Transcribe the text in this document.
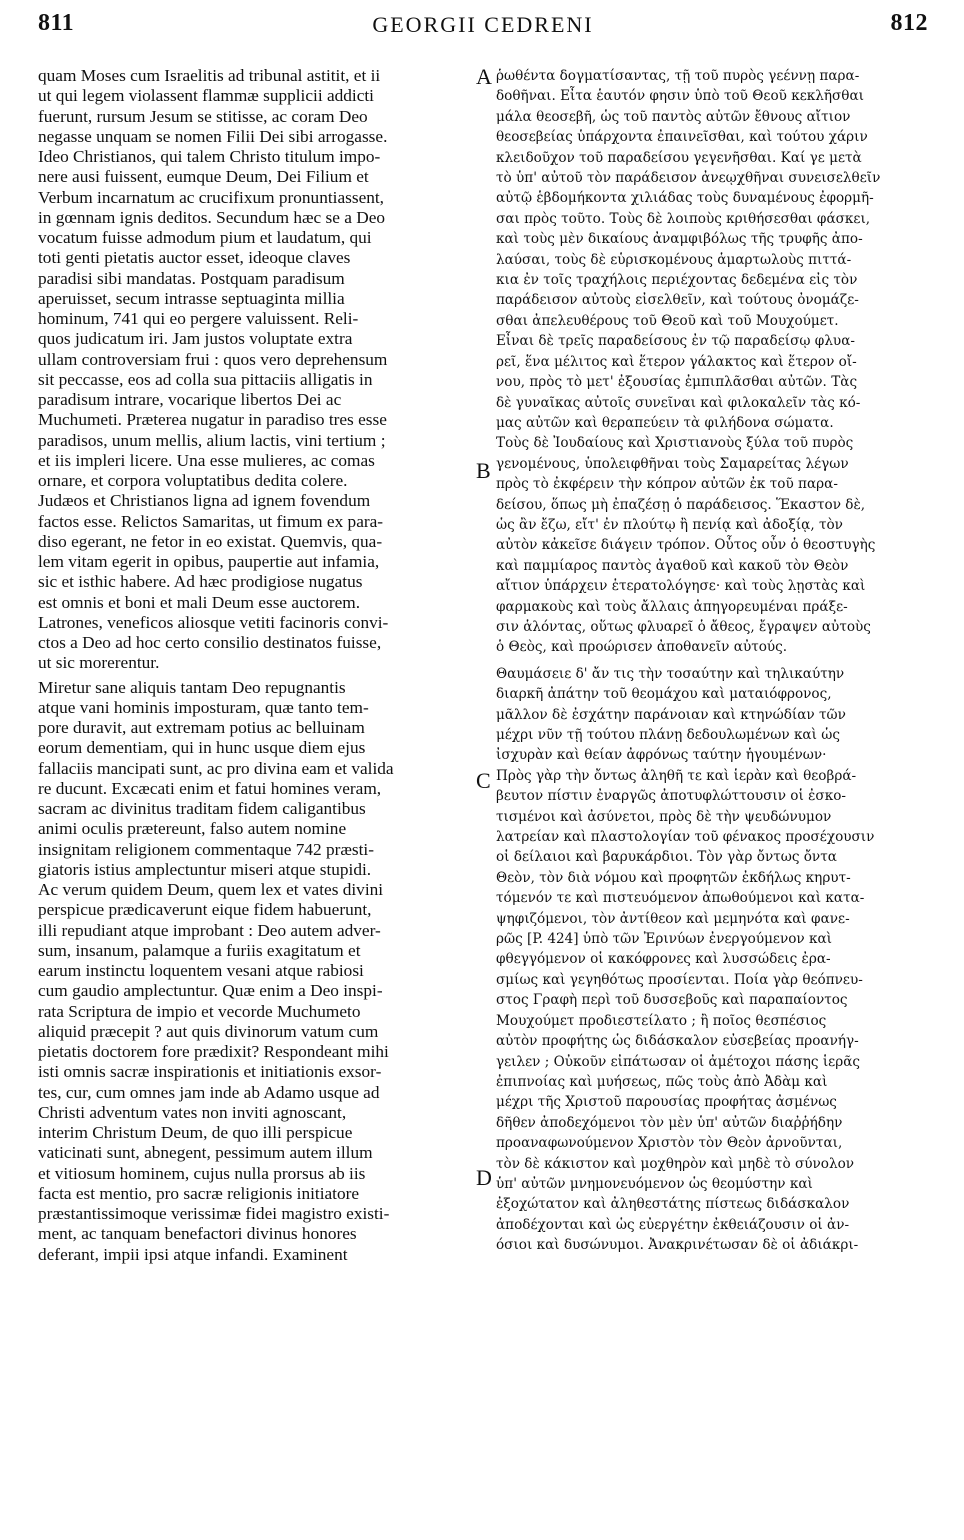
811	GEORGII CEDRENI	812

quam Moses cum Israelitis ad tribunal astitit, et ii
ut qui legem violassent flammæ supplicii addicti
fuerunt, rursum Jesum se stitisse, ac coram Deo
negasse unquam se nomen Filii Dei sibi arrogasse.
Ideo Christianos, qui talem Christo titulum impo-
nere ausi fuissent, eumque Deum, Dei Filium et
Verbum incarnatum ac crucifixum pronuntiassent,
in gœnnam ignis deditos. Secundum hæc se a Deo
vocatum fuisse admodum pium et laudatum, qui
toti genti pietatis auctor esset, ideoque claves
paradisi sibi mandatas. Postquam paradisum
aperuisset, secum intrasse septuaginta millia
hominum, 741 qui eo pergere valuissent. Reli-
quos judicatum iri. Jam justos voluptate extra
ullam controversiam frui : quos vero deprehensum
sit peccasse, eos ad colla sua pittaciis alligatis in
paradisum intrare, vocarique libertos Dei ac
Muchumeti. Præterea nugatur in paradiso tres esse
paradisos, unum mellis, alium lactis, vini tertium ;
et iis impleri licere. Una esse mulieres, ac comas
ornare, et corpora voluptatibus dedita colere.
Judæos et Christianos ligna ad ignem fovendum
factos esse. Relictos Samaritas, ut fimum ex para-
diso egerant, ne fetor in eo existat. Quemvis, qua-
lem vitam egerit in opibus, paupertie aut infamia,
sic et isthic habere. Ad hæc prodigiose nugatus
est omnis et boni et mali Deum esse auctorem.
Latrones, veneficos aliosque vetiti facinoris convi-
ctos a Deo ad hoc certo consilio destinatos fuisse,
ut sic morerentur.

Miretur sane aliquis tantam Deo repugnantis
atque vani hominis imposturam, quæ tanto tem-
pore duravit, aut extremam potius ac belluinam
eorum dementiam, qui in hunc usque diem ejus
fallaciis mancipati sunt, ac pro divina eam et valida
re ducunt. Excæcati enim et fatui homines veram,
sacram ac divinitus traditam fidem caligantibus
animi oculis prætereunt, falso autem nomine
insignitam religionem commentaque 742 præsti-
giatoris istius amplectuntur miseri atque stupidi.
Ac verum quidem Deum, quem lex et vates divini
perspicue prædicaverunt eique fidem habuerunt,
illi repudiant atque improbant : Deo autem adver-
sum, insanum, palamque a furiis exagitatum et
earum instinctu loquentem vesani atque rabiosi
cum gaudio amplectuntur. Quæ enim a Deo inspi-
rata Scriptura de impio et vecorde Muchumeto
aliquid præcepit ? aut quis divinorum vatum cum
pietatis doctorem fore prædixit? Respondeant mihi
isti omnis sacræ inspirationis et initiationis exsor-
tes, cur, cum omnes jam inde ab Adamo usque ad
Christi adventum vates non inviti agnoscant,
interim Christum Deum, de quo illi perspicue
vaticinati sunt, abnegent, pessimum autem illum
et vitiosum hominem, cujus nulla prorsus ab iis
facta est mentio, pro sacræ religionis initiatore
præstantissimoque verissimæ fidei magistro existi-
ment, ac tanquam benefactori divinus honores
deferant, impii ipsi atque infandi. Examinent

A
B
C
D

ῥωθέντα δογματίσαντας, τῇ τοῦ πυρὸς γεέννῃ παρα-
δοθῆναι. Εἶτα ἑαυτόν φησιν ὑπὸ τοῦ Θεοῦ κεκλῆσθαι
μάλα θεοσεβῆ, ὡς τοῦ παντὸς αὐτῶν ἔθνους αἴτιον
θεοσεβείας ὑπάρχοντα ἐπαινεῖσθαι, καὶ τούτου χάριν
κλειδοῦχον τοῦ παραδείσου γεγενῆσθαι. Καί γε μετὰ
τὸ ὑπ' αὐτοῦ τὸν παράδεισον ἀνεῳχθῆναι συνεισελθεῖν
αὐτῷ ἑβδομήκοντα χιλιάδας τοὺς δυναμένους ἐφορμῆ-
σαι πρὸς τοῦτο. Τοὺς δὲ λοιποὺς κριθήσεσθαι φάσκει,
καὶ τοὺς μὲν δικαίους ἀναμφιβόλως τῆς τρυφῆς ἀπο-
λαύσαι, τοὺς δὲ εὑρισκομένους ἁμαρτωλοὺς πιττά-
κια ἐν τοῖς τραχήλοις περιέχοντας δεδεμένα εἰς τὸν
παράδεισον αὐτοὺς εἰσελθεῖν, καὶ τούτους ὀνομάζε-
σθαι ἀπελευθέρους τοῦ Θεοῦ καὶ τοῦ Μουχούμετ.
Εἶναι δὲ τρεῖς παραδείσους ἐν τῷ παραδείσῳ φλυα-
ρεῖ, ἕνα μέλιτος καὶ ἕτερον γάλακτος καὶ ἕτερον οἴ-
νου, πρὸς τὸ μετ' ἐξουσίας ἐμπιπλᾶσθαι αὐτῶν. Τὰς
δὲ γυναῖκας αὐτοῖς συνεῖναι καὶ φιλοκαλεῖν τὰς κό-
μας αὐτῶν καὶ θεραπεύειν τὰ φιλήδονα σώματα.
Τοὺς δὲ Ἰουδαίους καὶ Χριστιανοὺς ξύλα τοῦ πυρὸς
γενομένους, ὑπολειφθῆναι τοὺς Σαμαρείτας λέγων
πρὸς τὸ ἐκφέρειν τὴν κόπρον αὐτῶν ἐκ τοῦ παρα-
δείσου, ὅπως μὴ ἐπαζέσῃ ὁ παράδεισος. Ἕκαστον δὲ,
ὡς ἂν ἔζω, εἴτ' ἐν πλούτῳ ἢ πενίᾳ καὶ ἀδοξίᾳ, τὸν
αὐτὸν κἀκεῖσε διάγειν τρόπον. Οὗτος οὖν ὁ θεοστυγὴς
καὶ παμμίαρος παντὸς ἀγαθοῦ καὶ κακοῦ τὸν Θεὸν
αἴτιον ὑπάρχειν ἑτερατολόγησε· καὶ τοὺς λῃστὰς καὶ
φαρμακοὺς καὶ τοὺς ἄλλαις ἀπηγορευμέναι πράξε-
σιν ἁλόντας, οὕτως φλυαρεῖ ὁ ἄθεος, ἔγραψεν αὐτοὺς
ὁ Θεὸς, καὶ προώρισεν ἀποθανεῖν αὐτούς.

Θαυμάσειε δ' ἄν τις τὴν τοσαύτην καὶ τηλικαύτην
διαρκῆ ἀπάτην τοῦ θεομάχου καὶ ματαιόφρονος,
μᾶλλον δὲ ἐσχάτην παράνοιαν καὶ κτηνώδίαν τῶν
μέχρι νῦν τῇ τούτου πλάνῃ δεδουλωμένων καὶ ὡς
ἰσχυρὰν καὶ θείαν ἀφρόνως ταύτην ἡγουμένων·
Πρὸς γὰρ τὴν ὄντως ἀληθῆ τε καὶ ἱερὰν καὶ θεοβρά-
βευτον πίστιν ἐναργῶς ἀποτυφλώττουσιν οἱ ἐσκο-
τισμένοι καὶ ἀσύνετοι, πρὸς δὲ τὴν ψευδώνυμον
λατρείαν καὶ πλαστολογίαν τοῦ φένακος προσέχουσιν
οἱ δείλαιοι καὶ βαρυκάρδιοι. Τὸν γὰρ ὄντως ὄντα
Θεὸν, τὸν διὰ νόμου καὶ προφητῶν ἐκδήλως κηρυτ-
τόμενόν τε καὶ πιστευόμενον ἀπωθούμενοι καὶ κατα-
ψηφιζόμενοι, τὸν ἀντίθεον καὶ μεμηνότα καὶ φανε-
ρῶς [P. 424] ὑπὸ τῶν Ἐρινύων ἐνεργούμενον καὶ
φθεγγόμενον οἱ κακόφρονες καὶ λυσσώδεις ἐρα-
σμίως καὶ γεγηθότως προσίενται. Ποία γὰρ θεόπνευ-
στος Γραφὴ περὶ τοῦ δυσσεβοῦς καὶ παραπαίοντος
Μουχούμετ προδιεστείλατο ; ἢ ποῖος θεσπέσιος
αὐτὸν προφήτης ὡς διδάσκαλον εὐσεβείας προανήγ-
γειλεν ; Οὐκοῦν εἰπάτωσαν οἱ ἀμέτοχοι πάσης ἱερᾶς
ἐπιπνοίας καὶ μυήσεως, πῶς τοὺς ἀπὸ Ἀδὰμ καὶ
μέχρι τῆς Χριστοῦ παρουσίας προφήτας ἀσμένως
δῆθεν ἀποδεχόμενοι τὸν μὲν ὑπ' αὐτῶν διαῤῥήδην
προαναφωνούμενον Χριστὸν τὸν Θεὸν ἀρνοῦνται,
τὸν δὲ κάκιστον καὶ μοχθηρὸν καὶ μηδὲ τὸ σύνολον
ὑπ' αὐτῶν μνημονευόμενον ὡς θεομύστην καὶ
ἐξοχώτατον καὶ ἀληθεστάτης πίστεως διδάσκαλον
ἀποδέχονται καὶ ὡς εὐεργέτην ἐκθειάζουσιν οἱ ἀν-
όσιοι καὶ δυσώνυμοι. Ἀνακρινέτωσαν δὲ οἱ ἀδιάκρι-
